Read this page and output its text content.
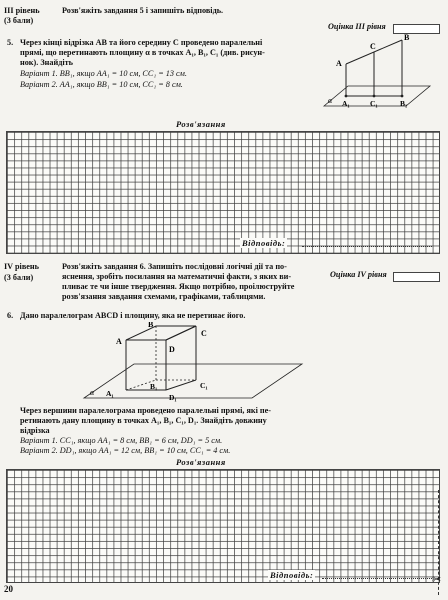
III рівень
(3 бали)
Розв'яжіть завдання 5 і запишіть відповідь.
Оцінка III рівня
5. Через кінці відрізка AB та його середину C проведено паралельні
прямі, що перетинають площину α в точках A₁, B₁, C₁ (див. рисун-
нок). Знайдіть
Варіант 1. BB₁, якщо AA₁ = 10 см, CC₁ = 13 см.
Варіант 2. AA₁, якщо BB₁ = 10 см, CC₁ = 8 см.
A
C
B
A₁	C₁	B₁
α
Розв'язання
Відповідь:
IV рівень
(3 бали)
Розв'яжіть завдання 6. Запишіть послідовні логічні дії та по-
яснення, зробіть посилання на математичні факти, з яких ви-
пливає те чи інше твердження. Якщо потрібно, проілюструйте
розв'язання завдання схемами, графіками, таблицями.
Оцінка IV рівня
6. Дано паралелограм ABCD і площину, яка не перетинає його.
A
B
C
D
A₁
B₁	C₁
D₁
α
Через вершини паралелограма проведено паралельні прямі, які пе-
ретинають дану площину в точках A₁, B₁, C₁, D₁. Знайдіть довжину
відрізка
Варіант 1. CC₁, якщо AA₁ = 8 см, BB₁ = 6 см, DD₁ = 5 см.
Варіант 2. DD₁, якщо AA₁ = 12 см, BB₁ = 10 см, CC₁ = 4 см.
Розв'язання
Відповідь:
20
✂
